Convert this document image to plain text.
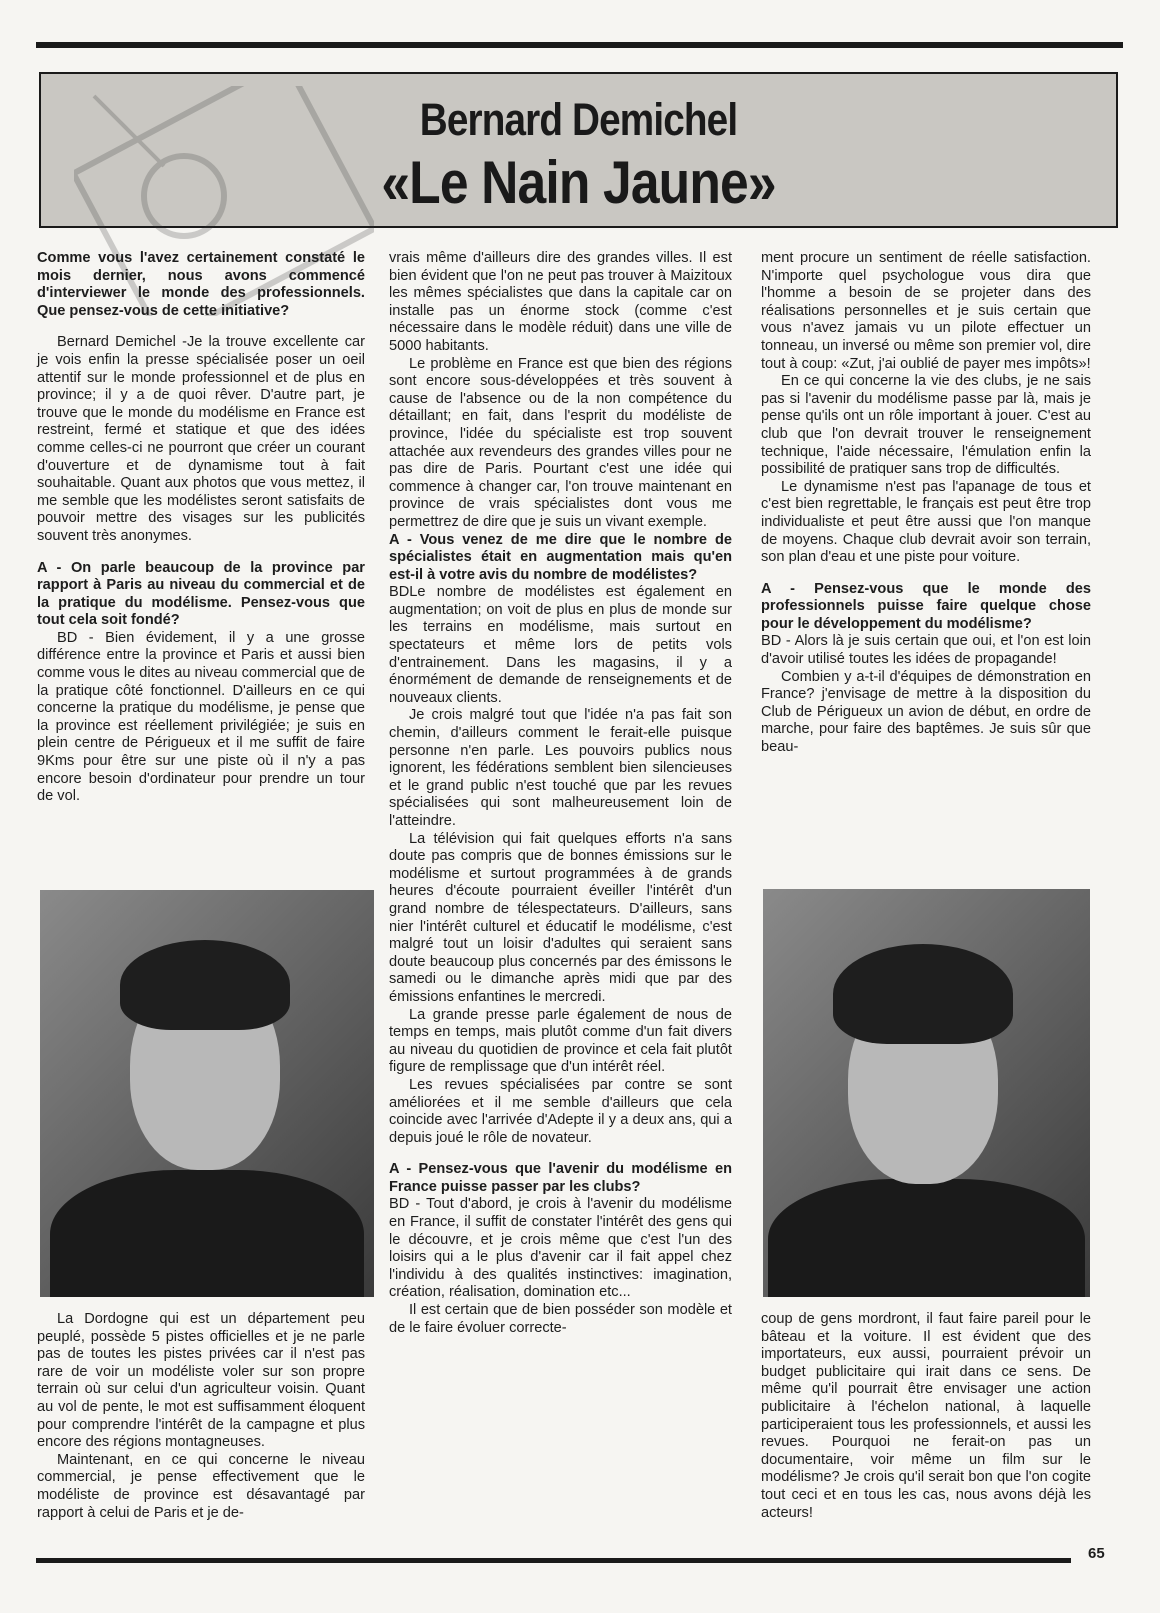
Bernard Demichel
«Le Nain Jaune»

Comme vous l'avez certainement constaté le mois dernier, nous avons commencé d'interviewer le monde des professionnels. Que pensez-vous de cette initiative?

Bernard Demichel -Je la trouve excellente car je vois enfin la presse spécialisée poser un oeil attentif sur le monde professionnel et de plus en province; il y a de quoi rêver. D'autre part, je trouve que le monde du modélisme en France est restreint, fermé et statique et que des idées comme celles-ci ne pourront que créer un courant d'ouverture et de dynamisme tout à fait souhaitable. Quant aux photos que vous mettez, il me semble que les modélistes seront satisfaits de pouvoir mettre des visages sur les publicités souvent très anonymes.

A - On parle beaucoup de la province par rapport à Paris au niveau du commercial et de la pratique du modélisme. Pensez-vous que tout cela soit fondé?

BD - Bien évidement, il y a une grosse différence entre la province et Paris et aussi bien comme vous le dites au niveau commercial que de la pratique côté fonctionnel. D'ailleurs en ce qui concerne la pratique du modélisme, je pense que la province est réellement privilégiée; je suis en plein centre de Périgueux et il me suffit de faire 9Kms pour être sur une piste où il n'y a pas encore besoin d'ordinateur pour prendre un tour de vol.

La Dordogne qui est un département peu peuplé, possède 5 pistes officielles et je ne parle pas de toutes les pistes privées car il n'est pas rare de voir un modéliste voler sur son propre terrain où sur celui d'un agriculteur voisin. Quant au vol de pente, le mot est suffisamment éloquent pour comprendre l'intérêt de la campagne et plus encore des régions montagneuses.

Maintenant, en ce qui concerne le niveau commercial, je pense effectivement que le modéliste de province est désavantagé par rapport à celui de Paris et je de-

vrais même d'ailleurs dire des grandes villes. Il est bien évident que l'on ne peut pas trouver à Maizitoux les mêmes spécialistes que dans la capitale car on installe pas un énorme stock (comme c'est nécessaire dans le modèle réduit) dans une ville de 5000 habitants.

Le problème en France est que bien des régions sont encore sous-développées et très souvent à cause de l'absence ou de la non compétence du détaillant; en fait, dans l'esprit du modéliste de province, l'idée du spécialiste est trop souvent attachée aux revendeurs des grandes villes pour ne pas dire de Paris. Pourtant c'est une idée qui commence à changer car, l'on trouve maintenant en province de vrais spécialistes dont vous me permettrez de dire que je suis un vivant exemple.

A - Vous venez de me dire que le nombre de spécialistes était en augmentation mais qu'en est-il à votre avis du nombre de modélistes?

BDLe nombre de modélistes est également en augmentation; on voit de plus en plus de monde sur les terrains en modélisme, mais surtout en spectateurs et même lors de petits vols d'entrainement. Dans les magasins, il y a énormément de demande de renseignements et de nouveaux clients.

Je crois malgré tout que l'idée n'a pas fait son chemin, d'ailleurs comment le ferait-elle puisque personne n'en parle. Les pouvoirs publics nous ignorent, les fédérations semblent bien silencieuses et le grand public n'est touché que par les revues spécialisées qui sont malheureusement loin de l'atteindre.

La télévision qui fait quelques efforts n'a sans doute pas compris que de bonnes émissions sur le modélisme et surtout programmées à de grands heures d'écoute pourraient éveiller l'intérêt d'un grand nombre de télespectateurs. D'ailleurs, sans nier l'intérêt culturel et éducatif le modélisme, c'est malgré tout un loisir d'adultes qui seraient sans doute beaucoup plus concernés par des émissons le samedi ou le dimanche après midi que par des émissions enfantines le mercredi.

La grande presse parle également de nous de temps en temps, mais plutôt comme d'un fait divers au niveau du quotidien de province et cela fait plutôt figure de remplissage que d'un intérêt réel.

Les revues spécialisées par contre se sont améliorées et il me semble d'ailleurs que cela coincide avec l'arrivée d'Adepte il y a deux ans, qui a depuis joué le rôle de novateur.

A - Pensez-vous que l'avenir du modélisme en France puisse passer par les clubs?

BD - Tout d'abord, je crois à l'avenir du modélisme en France, il suffit de constater l'intérêt des gens qui le découvre, et je crois même que c'est l'un des loisirs qui a le plus d'avenir car il fait appel chez l'individu à des qualités instinctives: imagination, création, réalisation, domination etc...

Il est certain que de bien posséder son modèle et de le faire évoluer correcte-

ment procure un sentiment de réelle satisfaction. N'importe quel psychologue vous dira que l'homme a besoin de se projeter dans des réalisations personnelles et je suis certain que vous n'avez jamais vu un pilote effectuer un tonneau, un inversé ou même son premier vol, dire tout à coup: «Zut, j'ai oublié de payer mes impôts»!

En ce qui concerne la vie des clubs, je ne sais pas si l'avenir du modélisme passe par là, mais je pense qu'ils ont un rôle important à jouer. C'est au club que l'on devrait trouver le renseignement technique, l'aide nécessaire, l'émulation enfin la possibilité de pratiquer sans trop de difficultés.

Le dynamisme n'est pas l'apanage de tous et c'est bien regrettable, le français est peut être trop individualiste et peut être aussi que l'on manque de moyens. Chaque club devrait avoir son terrain, son plan d'eau et une piste pour voiture.

A - Pensez-vous que le monde des professionnels puisse faire quelque chose pour le développement du modélisme?

BD - Alors là je suis certain que oui, et l'on est loin d'avoir utilisé toutes les idées de propagande!

Combien y a-t-il d'équipes de démonstration en France? j'envisage de mettre à la disposition du Club de Périgueux un avion de début, en ordre de marche, pour faire des baptêmes. Je suis sûr que beau-

coup de gens mordront, il faut faire pareil pour le bâteau et la voiture. Il est évident que des importateurs, eux aussi, pourraient prévoir un budget publicitaire qui irait dans ce sens. De même qu'il pourrait être envisager une action publicitaire à l'échelon national, à laquelle participeraient tous les professionnels, et aussi les revues. Pourquoi ne ferait-on pas un documentaire, voir même un film sur le modélisme? Je crois qu'il serait bon que l'on cogite tout ceci et en tous les cas, nous avons déjà les acteurs!

65
